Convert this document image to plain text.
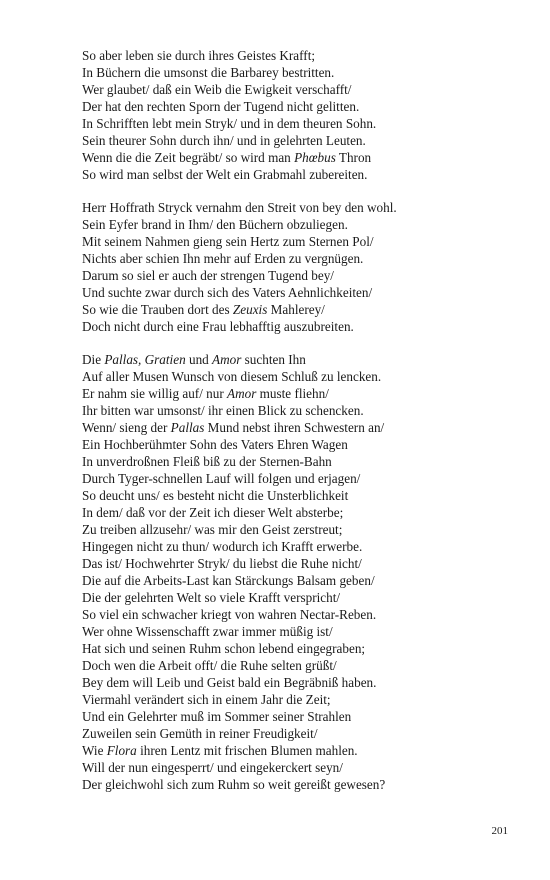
So aber leben sie durch ihres Geistes Krafft;
In Büchern die umsonst die Barbarey bestritten.
Wer glaubet/ daß ein Weib die Ewigkeit verschafft/
Der hat den rechten Sporn der Tugend nicht gelitten.
In Schrifften lebt mein Stryk/ und in dem theuren Sohn.
Sein theurer Sohn durch ihn/ und in gelehrten Leuten.
Wenn die die Zeit begräbt/ so wird man Phœbus Thron
So wird man selbst der Welt ein Grabmahl zubereiten.
Herr Hoffrath Stryck vernahm den Streit von bey den wohl.
Sein Eyfer brand in Ihm/ den Büchern obzuliegen.
Mit seinem Nahmen gieng sein Hertz zum Sternen Pol/
Nichts aber schien Ihn mehr auf Erden zu vergnügen.
Darum so siel er auch der strengen Tugend bey/
Und suchte zwar durch sich des Vaters Aehnlichkeiten/
So wie die Trauben dort des Zeuxis Mahlerey/
Doch nicht durch eine Frau lebhafftig auszubreiten.
Die Pallas, Gratien und Amor suchten Ihn
Auf aller Musen Wunsch von diesem Schluß zu lencken.
Er nahm sie willig auf/ nur Amor muste fliehn/
Ihr bitten war umsonst/ ihr einen Blick zu schencken.
Wenn/ sieng der Pallas Mund nebst ihren Schwestern an/
Ein Hochberühmter Sohn des Vaters Ehren Wagen
In unverdroßnen Fleiß biß zu der Sternen-Bahn
Durch Tyger-schnellen Lauf will folgen und erjagen/
So deucht uns/ es besteht nicht die Unsterblichkeit
In dem/ daß vor der Zeit ich dieser Welt absterbe;
Zu treiben allzusehr/ was mir den Geist zerstreut;
Hingegen nicht zu thun/ wodurch ich Krafft erwerbe.
Das ist/ Hochwehrter Stryk/ du liebst die Ruhe nicht/
Die auf die Arbeits-Last kan Stärckungs Balsam geben/
Die der gelehrten Welt so viele Krafft verspricht/
So viel ein schwacher kriegt von wahren Nectar-Reben.
Wer ohne Wissenschafft zwar immer müßig ist/
Hat sich und seinen Ruhm schon lebend eingegraben;
Doch wen die Arbeit offt/ die Ruhe selten grüßt/
Bey dem will Leib und Geist bald ein Begräbniß haben.
Viermahl verändert sich in einem Jahr die Zeit;
Und ein Gelehrter muß im Sommer seiner Strahlen
Zuweilen sein Gemüth in reiner Freudigkeit/
Wie Flora ihren Lentz mit frischen Blumen mahlen.
Will der nun eingesperrt/ und eingekerckert seyn/
Der gleichwohl sich zum Ruhm so weit gereißt gewesen?
201
